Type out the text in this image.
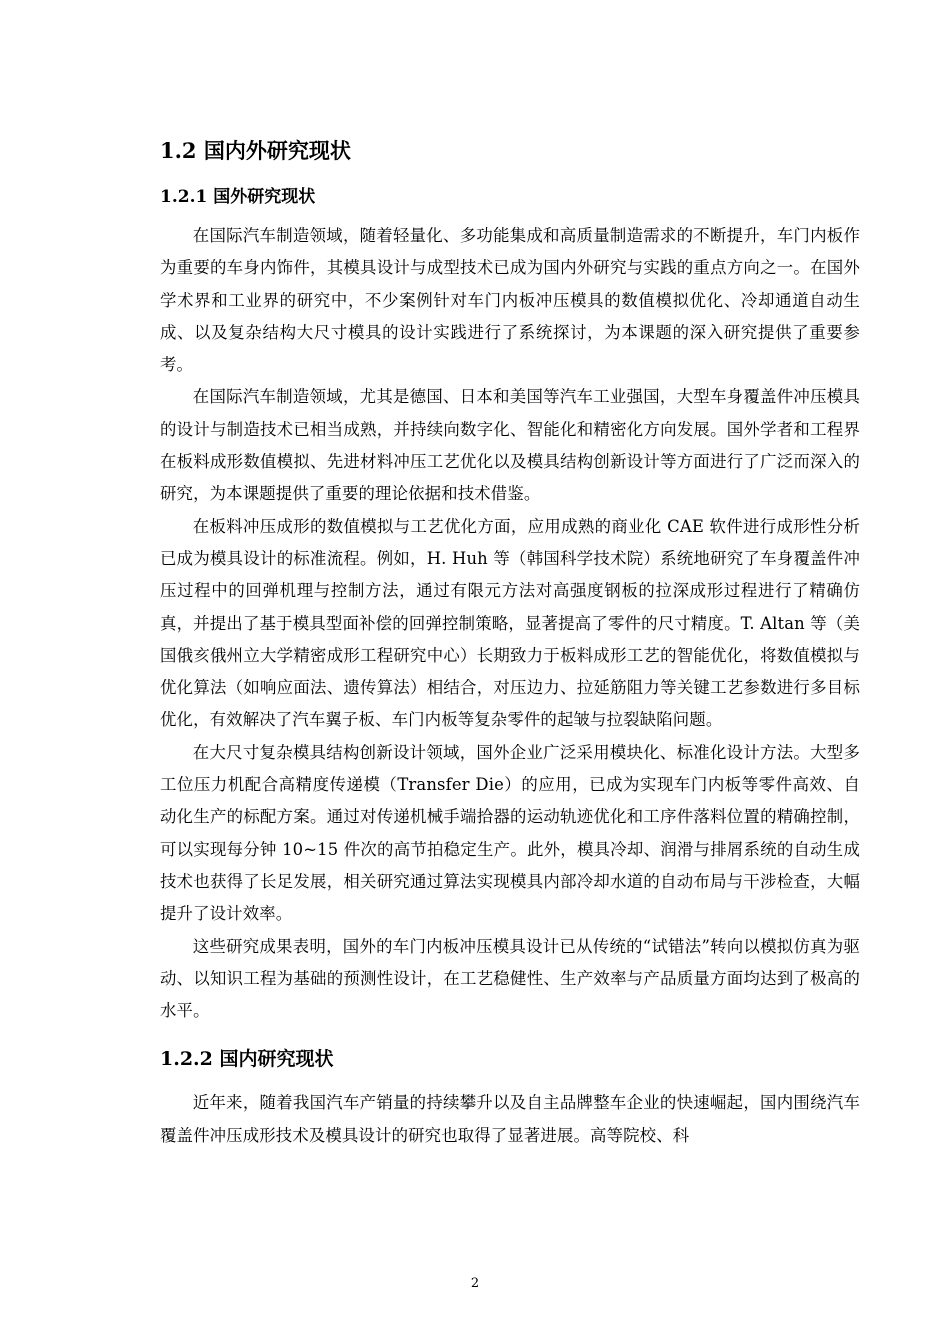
1.2 国内外研究现状
1.2.1 国外研究现状

在国际汽车制造领域，随着轻量化、多功能集成和高质量制造需求的不断提升，车门内板作为重要的车身内饰件，其模具设计与成型技术已成为国内外研究与实践的重点方向之一。在国外学术界和工业界的研究中，不少案例针对车门内板冲压模具的数值模拟优化、冷却通道自动生成、以及复杂结构大尺寸模具的设计实践进行了系统探讨，为本课题的深入研究提供了重要参考。

在国际汽车制造领域，尤其是德国、日本和美国等汽车工业强国，大型车身覆盖件冲压模具的设计与制造技术已相当成熟，并持续向数字化、智能化和精密化方向发展。国外学者和工程界在板料成形数值模拟、先进材料冲压工艺优化以及模具结构创新设计等方面进行了广泛而深入的研究，为本课题提供了重要的理论依据和技术借鉴。

在板料冲压成形的数值模拟与工艺优化方面，应用成熟的商业化 CAE 软件进行成形性分析已成为模具设计的标准流程。例如，H. Huh 等（韩国科学技术院）系统地研究了车身覆盖件冲压过程中的回弹机理与控制方法，通过有限元方法对高强度钢板的拉深成形过程进行了精确仿真，并提出了基于模具型面补偿的回弹控制策略，显著提高了零件的尺寸精度。T. Altan 等（美国俄亥俄州立大学精密成形工程研究中心）长期致力于板料成形工艺的智能优化，将数值模拟与优化算法（如响应面法、遗传算法）相结合，对压边力、拉延筋阻力等关键工艺参数进行多目标优化，有效解决了汽车翼子板、车门内板等复杂零件的起皱与拉裂缺陷问题。

在大尺寸复杂模具结构创新设计领域，国外企业广泛采用模块化、标准化设计方法。大型多工位压力机配合高精度传递模（Transfer Die）的应用，已成为实现车门内板等零件高效、自动化生产的标配方案。通过对传递机械手端拾器的运动轨迹优化和工序件落料位置的精确控制，可以实现每分钟 10~15 件次的高节拍稳定生产。此外，模具冷却、润滑与排屑系统的自动生成技术也获得了长足发展，相关研究通过算法实现模具内部冷却水道的自动布局与干涉检查，大幅提升了设计效率。

这些研究成果表明，国外的车门内板冲压模具设计已从传统的“试错法”转向以模拟仿真为驱动、以知识工程为基础的预测性设计，在工艺稳健性、生产效率与产品质量方面均达到了极高的水平。

1.2.2 国内研究现状

近年来，随着我国汽车产销量的持续攀升以及自主品牌整车企业的快速崛起，国内围绕汽车覆盖件冲压成形技术及模具设计的研究也取得了显著进展。高等院校、科

2
